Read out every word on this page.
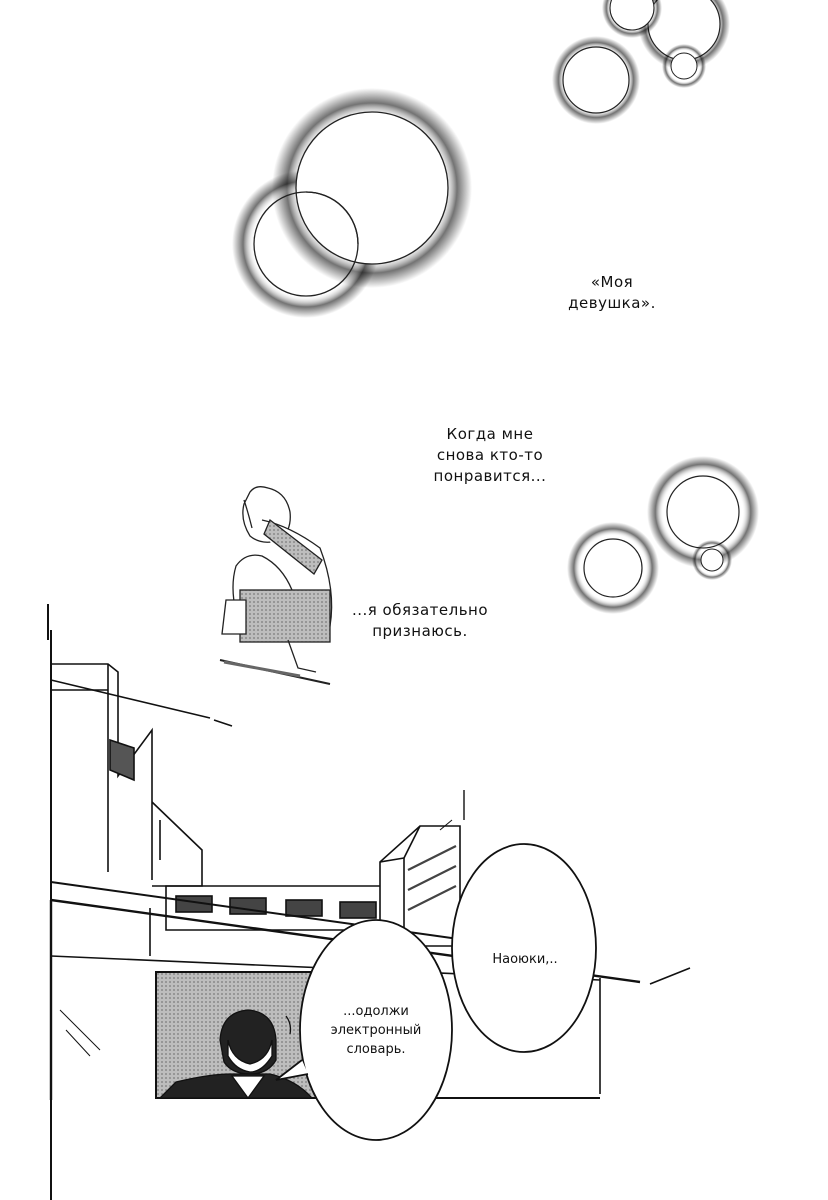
«Моя
девушка».
Когда мне
снова кто-то
понравится...
...я обязательно
признаюсь.
Наоюки,..
...одолжи
электронный
словарь.
